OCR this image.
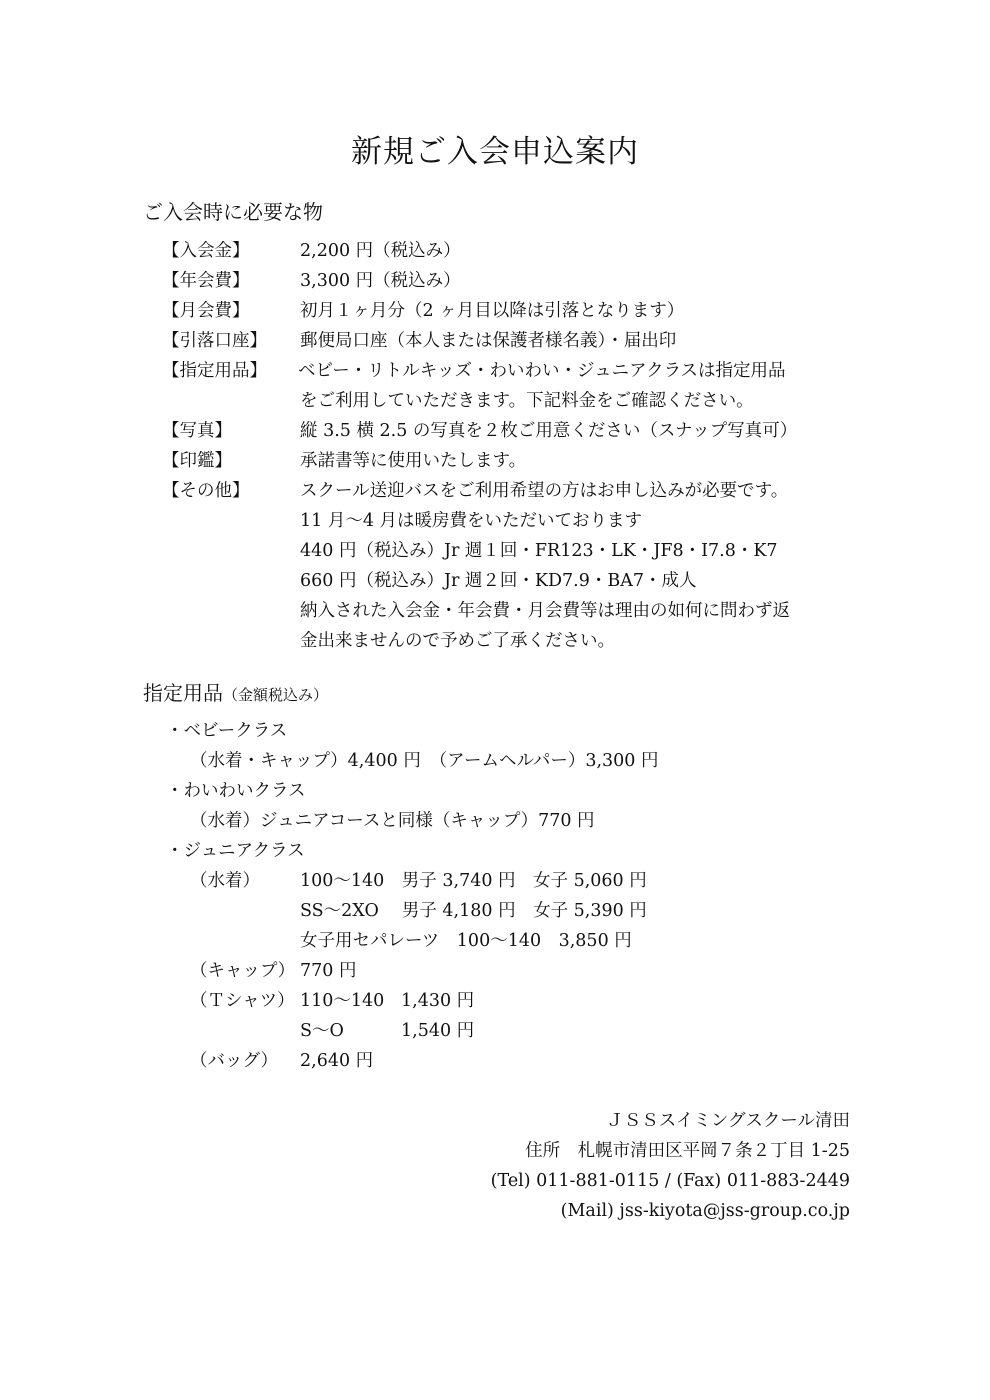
新規ご入会申込案内
ご入会時に必要な物
【入会金】	2,200 円（税込み）
【年会費】	3,300 円（税込み）
【月会費】	初月１ヶ月分（2 ヶ月目以降は引落となります）
【引落口座】 郵便局口座（本人または保護者様名義）・届出印
【指定用品】 ベビー・リトルキッズ・わいわい・ジュニアクラスは指定用品
をご利用していただきます。下記料金をご確認ください。
【写真】	縦 3.5 横 2.5 の写真を２枚ご用意ください（スナップ写真可）
【印鑑】	承諾書等に使用いたします。
【その他】	スクール送迎バスをご利用希望の方はお申し込みが必要です。
11 月～4 月は暖房費をいただいております
440 円（税込み）Jr 週１回・FR123・LK・JF8・I7.8・K7
660 円（税込み）Jr 週２回・KD7.9・BA7・成人
納入された入会金・年会費・月会費等は理由の如何に問わず返
金出来ませんので予めご了承ください。
指定用品（金額税込み）
・ベビークラス
（水着・キャップ）4,400 円　（アームヘルパー）3,300 円
・わいわいクラス
（水着）ジュニアコースと同様（キャップ）770 円
・ジュニアクラス
（水着） 100～140　男子 3,740 円　女子 5,060 円
SS～2XO　 男子 4,180 円　女子 5,390 円
女子用セパレーツ　100～140　3,850 円
（キャップ） 770 円
（Ｔシャツ） 110～140 1,430 円
S～O	1,540 円
（バッグ） 2,640 円
ＪＳＳスイミングスクール清田
住所　札幌市清田区平岡７条２丁目 1-25
(Tel) 011-881-0115 / (Fax) 011-883-2449
(Mail) jss-kiyota@jss-group.co.jp
